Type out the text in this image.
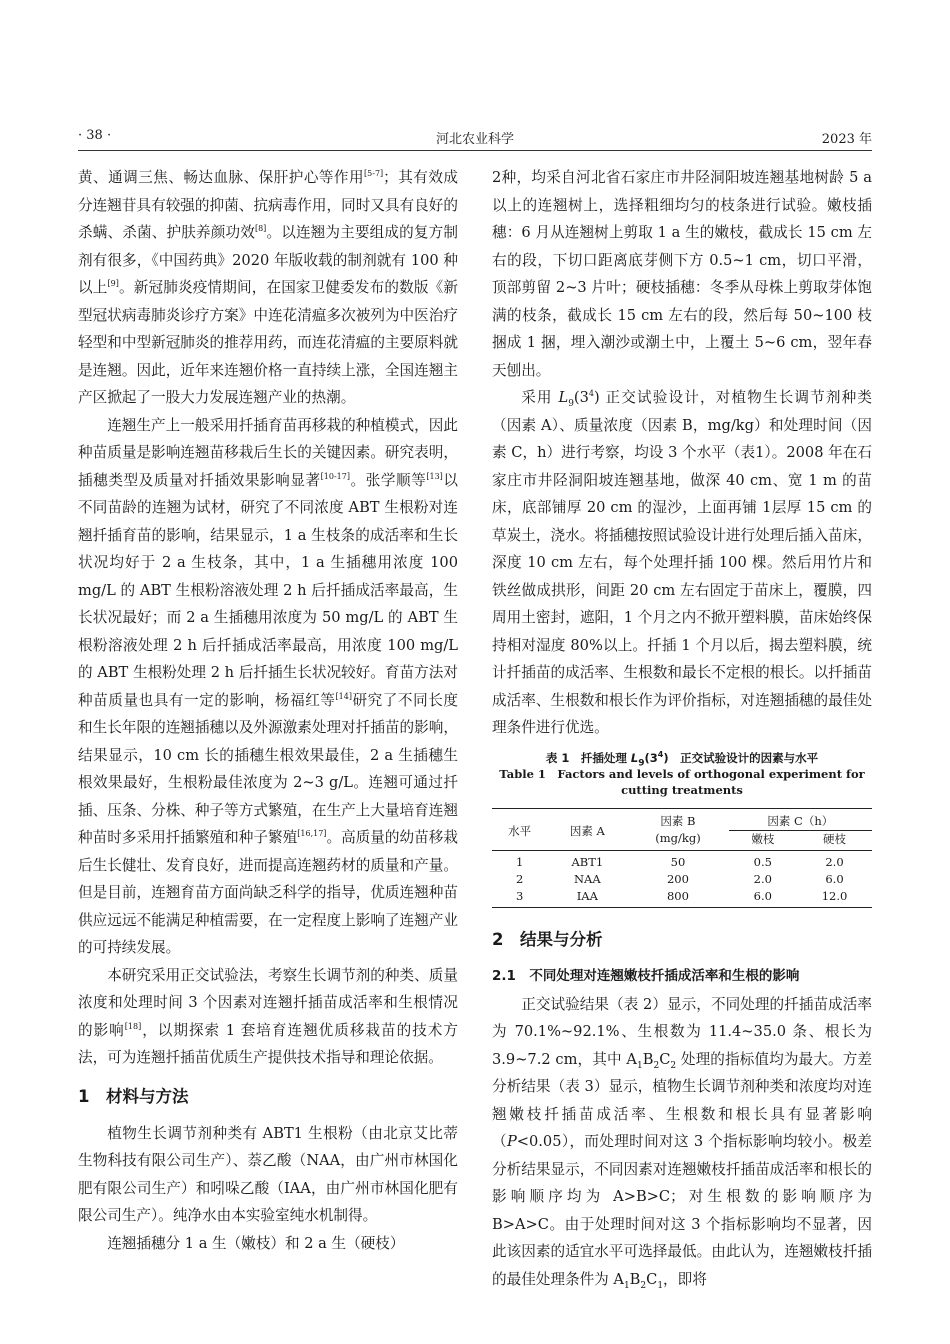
· 38 ·	河北农业科学	2023 年

黄、通调三焦、畅达血脉、保肝护心等作用[5-7]；其有效成分连翘苷具有较强的抑菌、抗病毒作用，同时又具有良好的杀螨、杀菌、护肤养颜功效[8]。以连翘为主要组成的复方制剂有很多，《中国药典》2020 年版收载的制剂就有 100 种以上[9]。新冠肺炎疫情期间，在国家卫健委发布的数版《新型冠状病毒肺炎诊疗方案》中连花清瘟多次被列为中医治疗轻型和中型新冠肺炎的推荐用药，而连花清瘟的主要原料就是连翘。因此，近年来连翘价格一直持续上涨，全国连翘主产区掀起了一股大力发展连翘产业的热潮。

连翘生产上一般采用扦插育苗再移栽的种植模式，因此种苗质量是影响连翘苗移栽后生长的关键因素。研究表明，插穗类型及质量对扦插效果影响显著[10-17]。张学顺等[13]以不同苗龄的连翘为试材，研究了不同浓度 ABT 生根粉对连翘扦插育苗的影响，结果显示，1 a 生枝条的成活率和生长状况均好于 2 a 生枝条，其中，1 a 生插穗用浓度 100 mg/L 的 ABT 生根粉溶液处理 2 h 后扦插成活率最高，生长状况最好；而 2 a 生插穗用浓度为 50 mg/L 的 ABT 生根粉溶液处理 2 h 后扦插成活率最高，用浓度 100 mg/L 的 ABT 生根粉处理 2 h 后扦插生长状况较好。育苗方法对种苗质量也具有一定的影响，杨福红等[14]研究了不同长度和生长年限的连翘插穗以及外源激素处理对扦插苗的影响，结果显示，10 cm 长的插穗生根效果最佳，2 a 生插穗生根效果最好，生根粉最佳浓度为 2~3 g/L。连翘可通过扦插、压条、分株、种子等方式繁殖，在生产上大量培育连翘种苗时多采用扦插繁殖和种子繁殖[16,17]。高质量的幼苗移栽后生长健壮、发育良好，进而提高连翘药材的质量和产量。但是目前，连翘育苗方面尚缺乏科学的指导，优质连翘种苗供应远远不能满足种植需要，在一定程度上影响了连翘产业的可持续发展。

本研究采用正交试验法，考察生长调节剂的种类、质量浓度和处理时间 3 个因素对连翘扦插苗成活率和生根情况的影响[18]，以期探索 1 套培育连翘优质移栽苗的技术方法，可为连翘扦插苗优质生产提供技术指导和理论依据。

1　材料与方法

植物生长调节剂种类有 ABT1 生根粉（由北京艾比蒂生物科技有限公司生产）、萘乙酸（NAA，由广州市林国化肥有限公司生产）和吲哚乙酸（IAA，由广州市林国化肥有限公司生产）。纯净水由本实验室纯水机制得。

连翘插穗分 1 a 生（嫩枝）和 2 a 生（硬枝）

2种，均采自河北省石家庄市井陉洞阳坡连翘基地树龄 5 a 以上的连翘树上，选择粗细均匀的枝条进行试验。嫩枝插穗：6 月从连翘树上剪取 1 a 生的嫩枝，截成长 15 cm 左右的段，下切口距离底芽侧下方 0.5~1 cm，切口平滑，顶部剪留 2~3 片叶；硬枝插穗：冬季从母株上剪取芽体饱满的枝条，截成长 15 cm 左右的段，然后每 50~100 枝捆成 1 捆，埋入潮沙或潮土中，上覆土 5~6 cm，翌年春天刨出。

采用 $L_9(3^4)$ 正交试验设计，对植物生长调节剂种类（因素 A）、质量浓度（因素 B，mg/kg）和处理时间（因素 C，h）进行考察，均设 3 个水平（表1）。2008 年在石家庄市井陉洞阳坡连翘基地，做深 40 cm、宽 1 m 的苗床，底部铺厚 20 cm 的湿沙，上面再铺 1层厚 15 cm 的草炭土，浇水。将插穗按照试验设计进行处理后插入苗床，深度 10 cm 左右，每个处理扦插 100 棵。然后用竹片和铁丝做成拱形，间距 20 cm 左右固定于苗床上，覆膜，四周用土密封，遮阳，1 个月之内不掀开塑料膜，苗床始终保持相对湿度 80%以上。扦插 1 个月以后，揭去塑料膜，统计扦插苗的成活率、生根数和最长不定根的根长。以扦插苗成活率、生根数和根长作为评价指标，对连翘插穗的最佳处理条件进行优选。

表 1　扦插处理 $L_9(3^4)$　正交试验设计的因素与水平
Table 1　Factors and levels of orthogonal experiment for cutting treatments
水平	因素 A	因素 B	因素 C（h）	
		(mg/kg)	嫩枝	硬枝
1	ABT1	50	0.5	2.0
2	NAA	200	2.0	6.0
3	IAA	800	6.0	12.0
2　结果与分析
2.1　不同处理对连翘嫩枝扦插成活率和生根的影响

正交试验结果（表 2）显示，不同处理的扦插苗成活率为 70.1%~92.1%、生根数为 11.4~35.0 条、根长为 3.9~7.2 cm，其中 $A_1B_2C_2$ 处理的指标值均为最大。方差分析结果（表 3）显示，植物生长调节剂种类和浓度均对连翘嫩枝扦插苗成活率、生根数和根长具有显著影响（P<0.05），而处理时间对这 3 个指标影响均较小。极差分析结果显示，不同因素对连翘嫩枝扦插苗成活率和根长的影响顺序均为 A>B>C；对生根数的影响顺序为 B>A>C。由于处理时间对这 3 个指标影响均不显著，因此该因素的适宜水平可选择最低。由此认为，连翘嫩枝扦插的最佳处理条件为 $A_1B_2C_1$，即将
